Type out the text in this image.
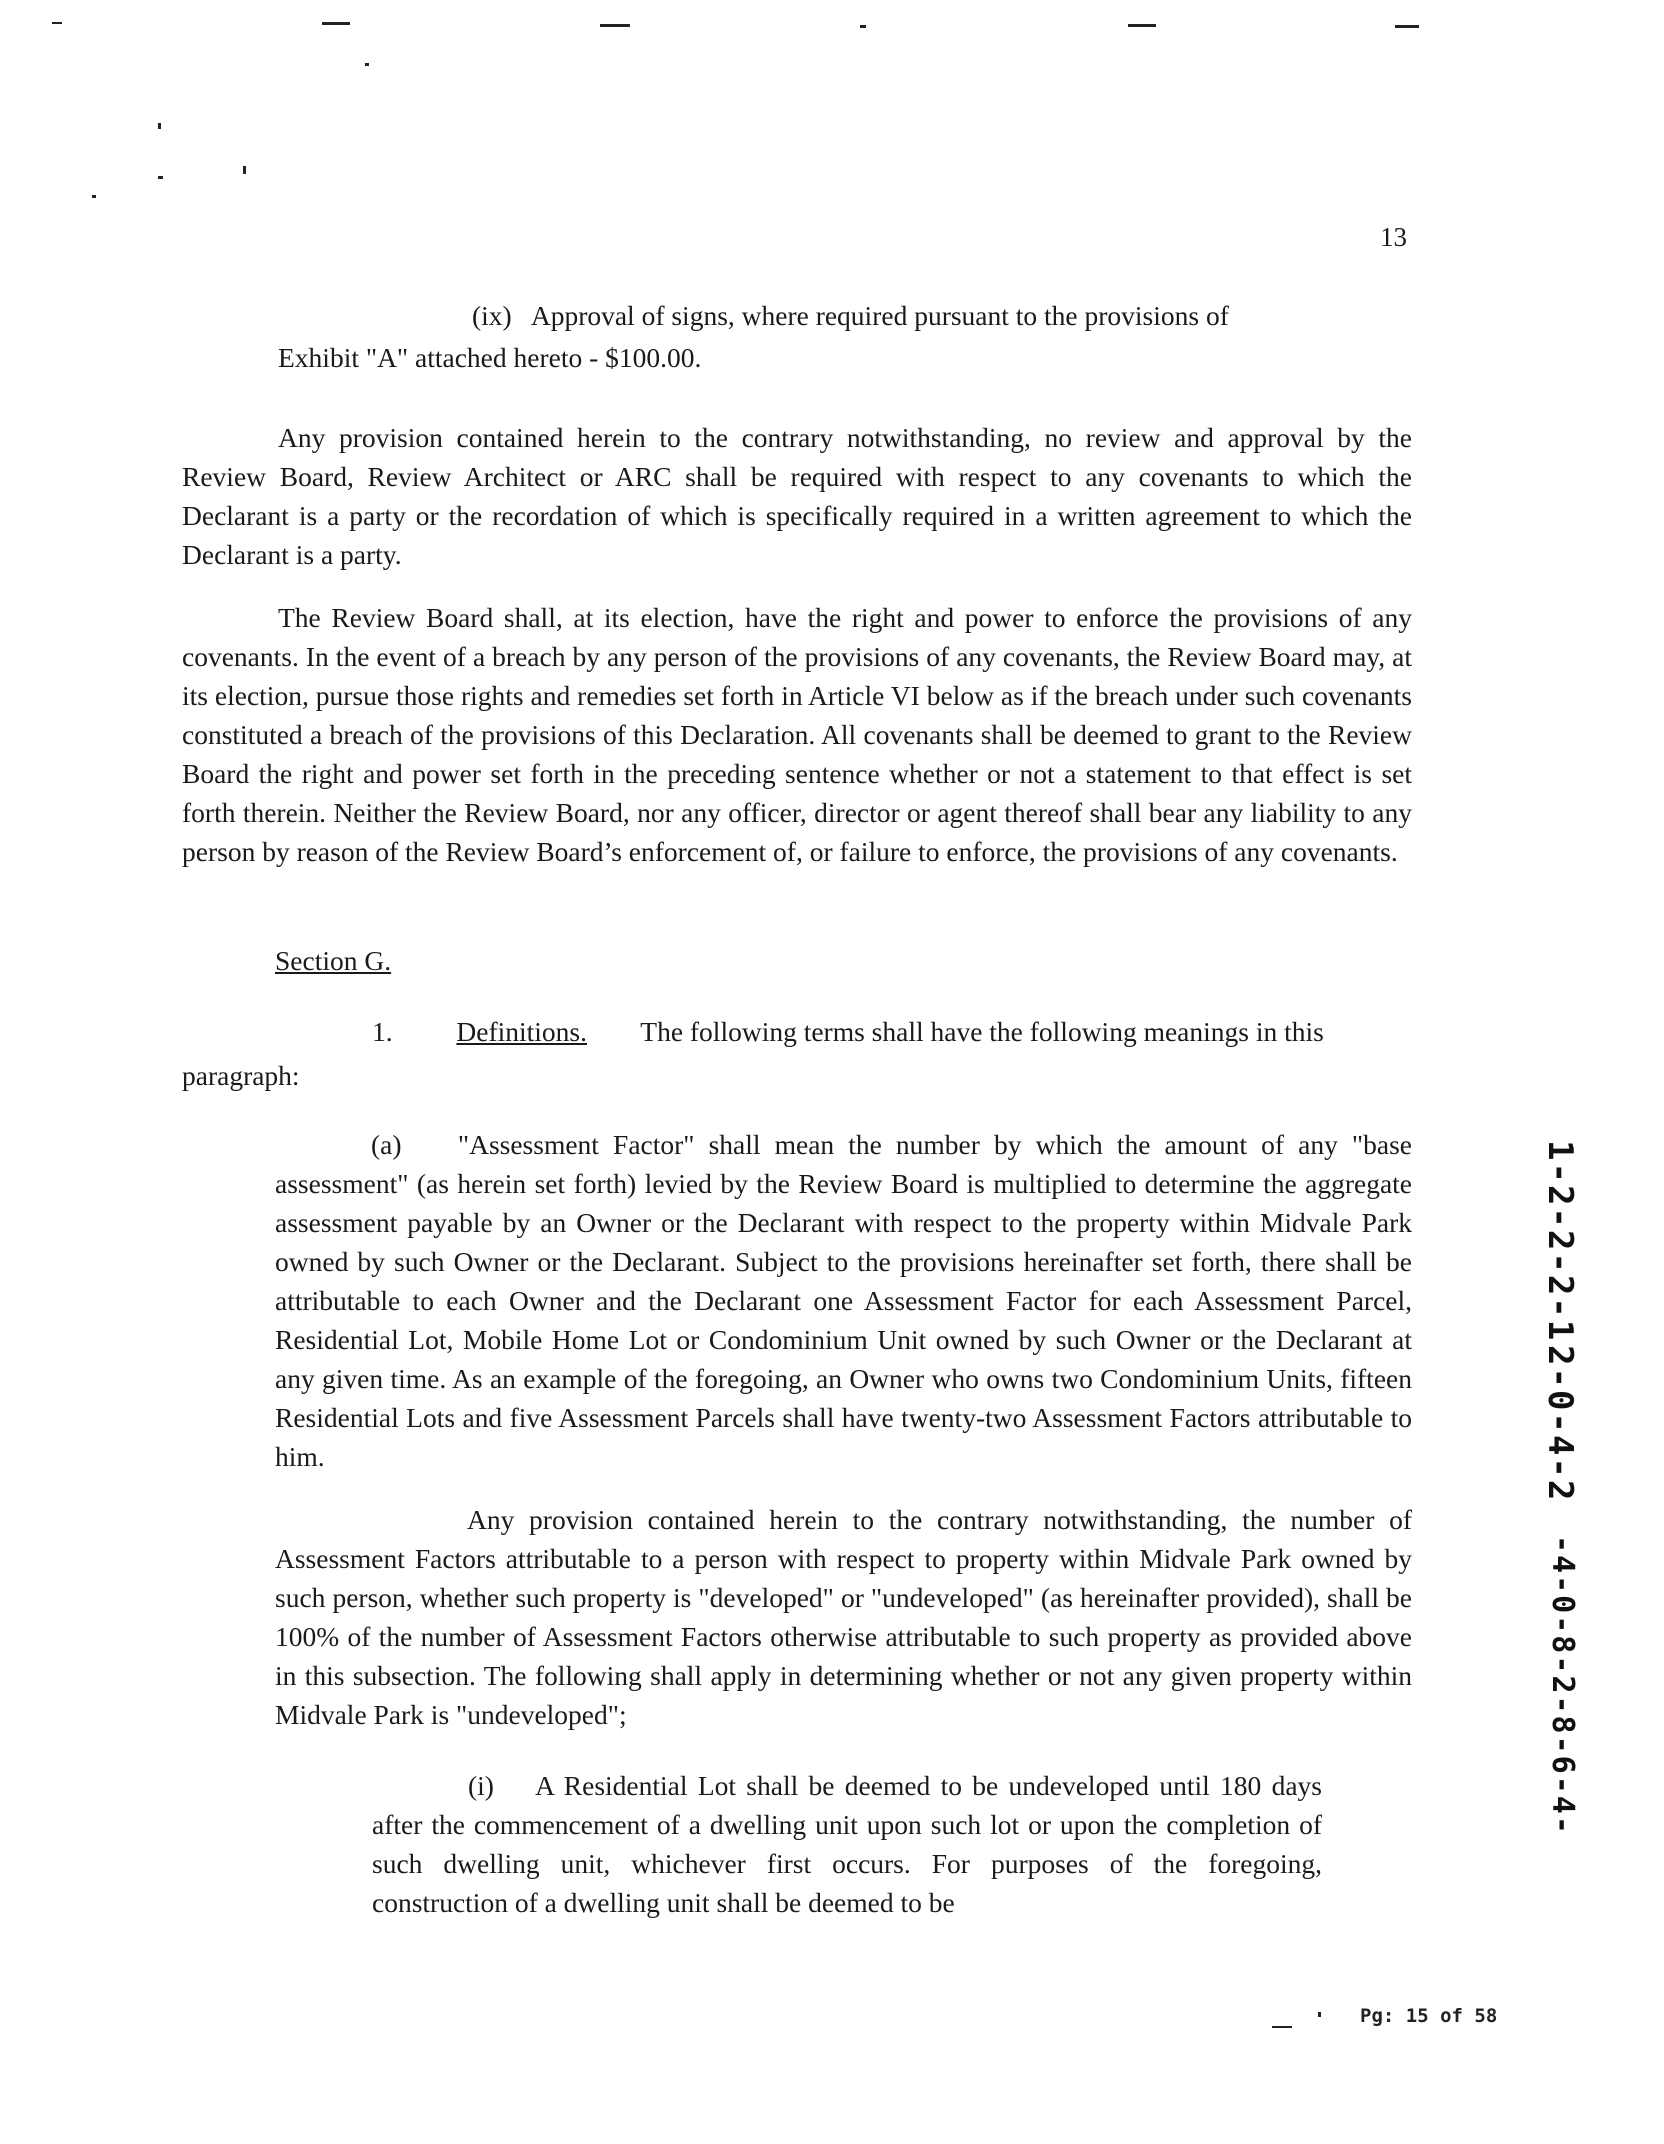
13
(ix) Approval of signs, where required pursuant to the provisions of
Exhibit "A" attached hereto - $100.00.

Any provision contained herein to the contrary notwithstanding, no review and approval by the Review Board, Review Architect or ARC shall be required with respect to any covenants to which the Declarant is a party or the recordation of which is specifically required in a written agreement to which the Declarant is a party.

The Review Board shall, at its election, have the right and power to enforce the provisions of any covenants. In the event of a breach by any person of the provisions of any covenants, the Review Board may, at its election, pursue those rights and remedies set forth in Article VI below as if the breach under such covenants constituted a breach of the provisions of this Declaration. All covenants shall be deemed to grant to the Review Board the right and power set forth in the preceding sentence whether or not a statement to that effect is set forth therein. Neither the Review Board, nor any officer, director or agent thereof shall bear any liability to any person by reason of the Review Board’s enforcement of, or failure to enforce, the provisions of any covenants.

Section G.
1. Definitions. The following terms shall have the following meanings in this
paragraph:

(a) "Assessment Factor" shall mean the number by which the amount of any "base assessment" (as herein set forth) levied by the Review Board is multiplied to determine the aggregate assessment payable by an Owner or the Declarant with respect to the property within Midvale Park owned by such Owner or the Declarant. Subject to the provisions hereinafter set forth, there shall be attributable to each Owner and the Declarant one Assessment Factor for each Assessment Parcel, Residential Lot, Mobile Home Lot or Condominium Unit owned by such Owner or the Declarant at any given time. As an example of the foregoing, an Owner who owns two Condominium Units, fifteen Residential Lots and five Assessment Parcels shall have twenty-two Assessment Factors attributable to him.

Any provision contained herein to the contrary notwithstanding, the number of Assessment Factors attributable to a person with respect to property within Midvale Park owned by such person, whether such property is "developed" or "undeveloped" (as hereinafter provided), shall be 100% of the number of Assessment Factors otherwise attributable to such property as provided above in this subsection. The following shall apply in determining whether or not any given property within Midvale Park is "undeveloped";

(i) A Residential Lot shall be deemed to be undeveloped until 180 days after the commencement of a dwelling unit upon such lot or upon the completion of such dwelling unit, whichever first occurs. For purposes of the foregoing, construction of a dwelling unit shall be deemed to be

1-2-2-2-1
2-0-4-2
-4-0-8-2-8-6-4-
Pg: 15 of 58
